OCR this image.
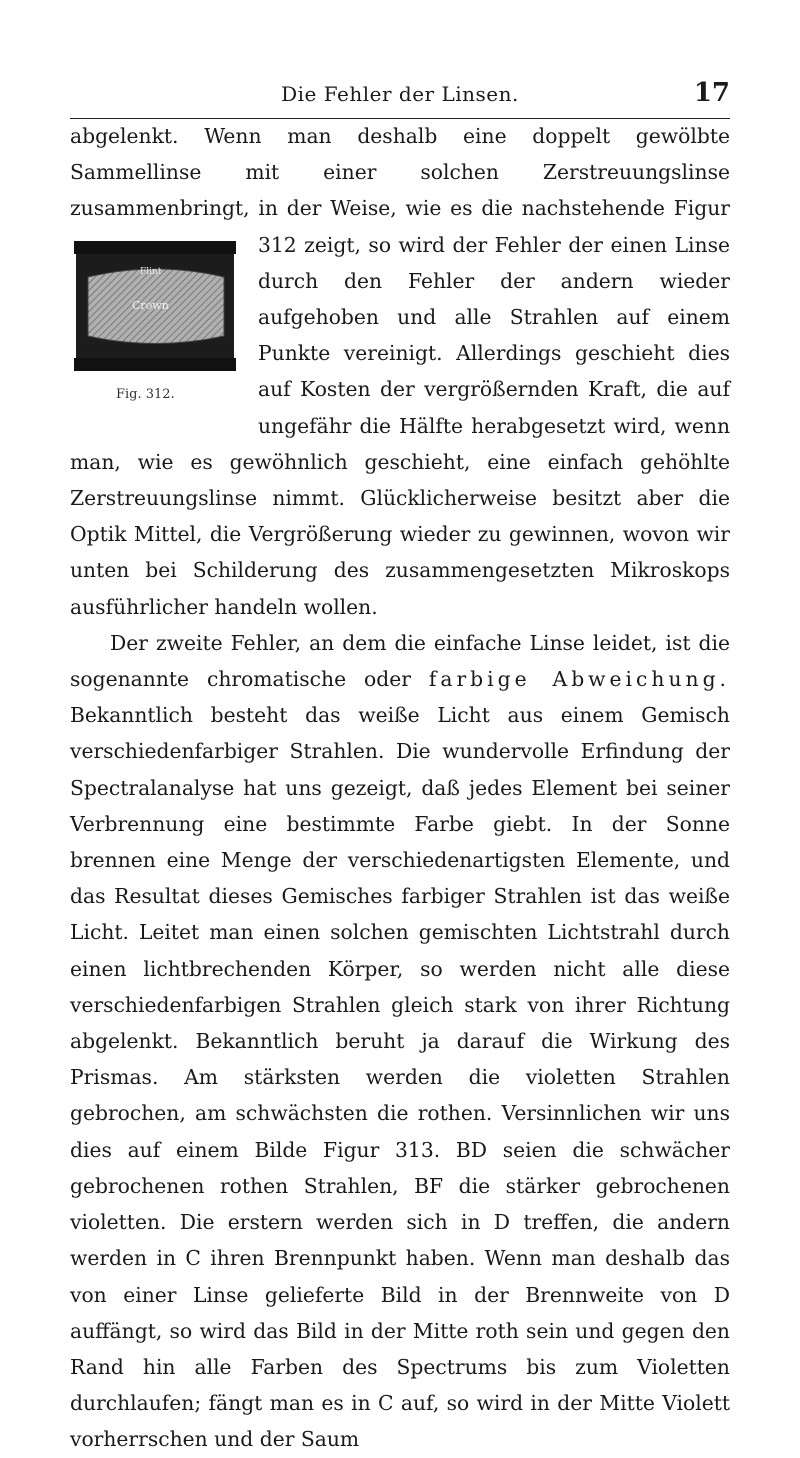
Die Fehler der Linsen.	17

abgelenkt. Wenn man deshalb eine doppelt gewölbte Sammellinse mit einer solchen Zerstreuungslinse zusammenbringt, in der Weise, wie es die nachstehende Figur 312 zeigt, so wird der Fehler der
Flint
Crown
Fig. 312.
einen Linse durch den Fehler der andern wieder aufgehoben und alle Strahlen auf einem Punkte vereinigt. Allerdings geschieht dies auf Kosten der vergrößernden Kraft, die auf ungefähr die Hälfte herabgesetzt wird, wenn man, wie es gewöhnlich geschieht, eine einfach gehöhlte Zerstreuungslinse nimmt. Glücklicherweise besitzt aber die Optik Mittel, die Vergrößerung wieder zu gewinnen, wovon wir unten bei Schilderung des zusammengesetzten Mikroskops ausführlicher handeln wollen.

Der zweite Fehler, an dem die einfache Linse leidet, ist die sogenannte chromatische oder farbige Abweichung. Bekanntlich besteht das weiße Licht aus einem Gemisch verschiedenfarbiger Strahlen. Die wundervolle Erfindung der Spectralanalyse hat uns gezeigt, daß jedes Element bei seiner Verbrennung eine bestimmte Farbe giebt. In der Sonne brennen eine Menge der verschiedenartigsten Elemente, und das Resultat dieses Gemisches farbiger Strahlen ist das weiße Licht. Leitet man einen solchen gemischten Lichtstrahl durch einen lichtbrechenden Körper, so werden nicht alle diese verschiedenfarbigen Strahlen gleich stark von ihrer Richtung abgelenkt. Bekanntlich beruht ja darauf die Wirkung des Prismas. Am stärksten werden die violetten Strahlen gebrochen, am schwächsten die rothen. Versinnlichen wir uns dies auf einem Bilde Figur 313. BD seien die schwächer gebrochenen rothen Strahlen, BF die stärker gebrochenen violetten. Die erstern werden sich in D treffen, die andern werden in C ihren Brennpunkt haben. Wenn man deshalb das von einer Linse gelieferte Bild in der Brennweite von D auffängt, so wird das Bild in der Mitte roth sein und gegen den Rand hin alle Farben des Spectrums bis zum Violetten durchlaufen; fängt man es in C auf, so wird in der Mitte Violett vorherrschen und der Saum
